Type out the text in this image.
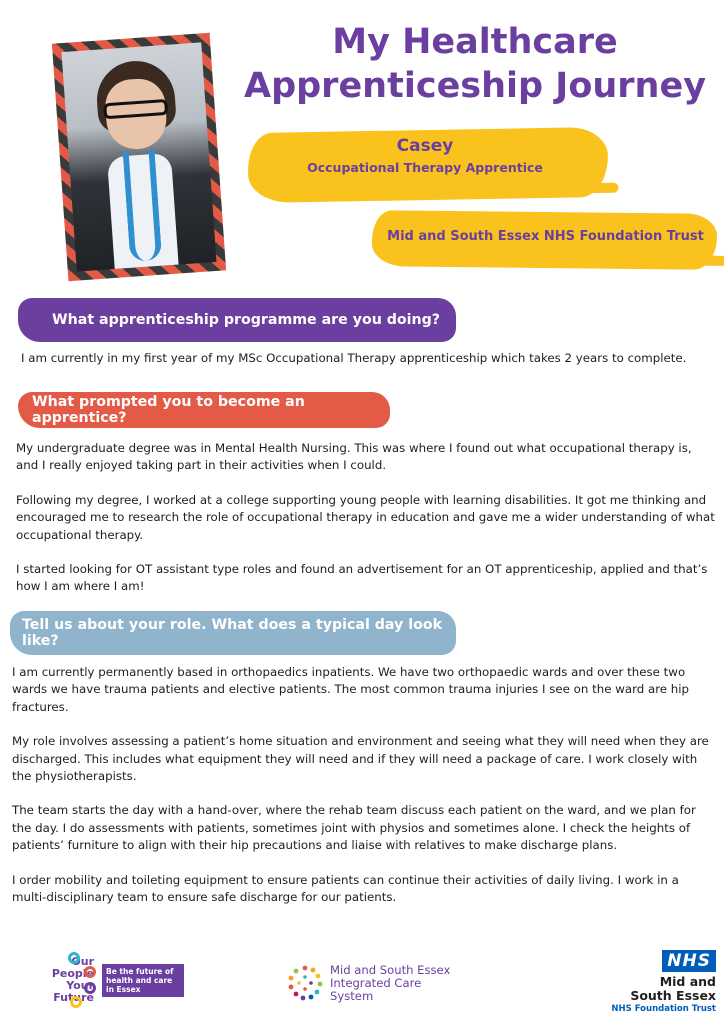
My Healthcare
Apprenticeship Journey
Casey
Occupational Therapy Apprentice
Mid and South Essex NHS Foundation Trust
What apprenticeship programme are you doing?

I am currently in my first year of my MSc Occupational Therapy apprenticeship which takes 2 years to complete.

What prompted you to become an apprentice?

My undergraduate degree was in Mental Health Nursing. This was where I found out what occupational therapy is, and I really enjoyed taking part in their activities when I could.

Following my degree, I worked at a college supporting young people with learning disabilities. It got me thinking and encouraged me to research the role of occupational therapy in education and gave me a wider understanding of what occupational therapy.

I started looking for OT assistant type roles and found an advertisement for an OT apprenticeship, applied and that’s how I am where I am!

Tell us about your role. What does a typical day look like?

I am currently permanently based in orthopaedics inpatients. We have two orthopaedic wards and over these two wards we have trauma patients and elective patients. The most common trauma injuries I see on the ward are hip fractures.

My role involves assessing a patient’s home situation and environment and seeing what they will need when they are discharged. This includes what equipment they will need and if they will need a package of care. I work closely with the physiotherapists.

The team starts the day with a hand-over, where the rehab team discuss each patient on the ward, and we plan for the day. I do assessments with patients, sometimes joint with physios and sometimes alone. I check the heights of patients’ furniture to align with their hip precautions and liaise with relatives to make discharge plans.

I order mobility and toileting equipment to ensure patients can continue their activities of daily living. I work in a multi-disciplinary team to ensure safe discharge for our patients.

Our
People
Your
Future
Be the future of health and care in Essex
Mid and South Essex
Integrated Care
System
NHS
Mid and
South Essex
NHS Foundation Trust
